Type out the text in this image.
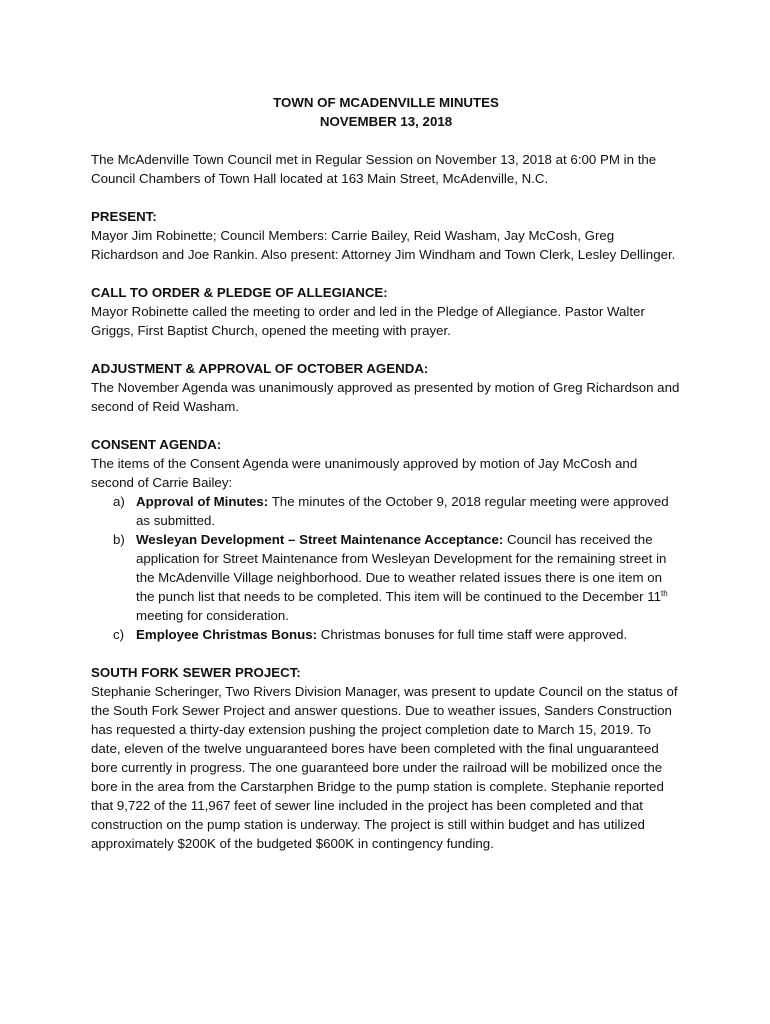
TOWN OF MCADENVILLE MINUTES
NOVEMBER 13, 2018

The McAdenville Town Council met in Regular Session on November 13, 2018 at 6:00 PM in the Council Chambers of Town Hall located at 163 Main Street, McAdenville, N.C.

PRESENT:

Mayor Jim Robinette; Council Members: Carrie Bailey, Reid Washam, Jay McCosh, Greg Richardson and Joe Rankin. Also present: Attorney Jim Windham and Town Clerk, Lesley Dellinger.

CALL TO ORDER & PLEDGE OF ALLEGIANCE:

Mayor Robinette called the meeting to order and led in the Pledge of Allegiance. Pastor Walter Griggs, First Baptist Church, opened the meeting with prayer.

ADJUSTMENT & APPROVAL OF OCTOBER AGENDA:

The November Agenda was unanimously approved as presented by motion of Greg Richardson and second of Reid Washam.

CONSENT AGENDA:

The items of the Consent Agenda were unanimously approved by motion of Jay McCosh and second of Carrie Bailey:

a) Approval of Minutes: The minutes of the October 9, 2018 regular meeting were approved as submitted.
b) Wesleyan Development – Street Maintenance Acceptance: Council has received the application for Street Maintenance from Wesleyan Development for the remaining street in the McAdenville Village neighborhood. Due to weather related issues there is one item on the punch list that needs to be completed. This item will be continued to the December 11th meeting for consideration.
c) Employee Christmas Bonus: Christmas bonuses for full time staff were approved.
SOUTH FORK SEWER PROJECT:

Stephanie Scheringer, Two Rivers Division Manager, was present to update Council on the status of the South Fork Sewer Project and answer questions. Due to weather issues, Sanders Construction has requested a thirty-day extension pushing the project completion date to March 15, 2019. To date, eleven of the twelve unguaranteed bores have been completed with the final unguaranteed bore currently in progress. The one guaranteed bore under the railroad will be mobilized once the bore in the area from the Carstarphen Bridge to the pump station is complete. Stephanie reported that 9,722 of the 11,967 feet of sewer line included in the project has been completed and that construction on the pump station is underway. The project is still within budget and has utilized approximately $200K of the budgeted $600K in contingency funding.
